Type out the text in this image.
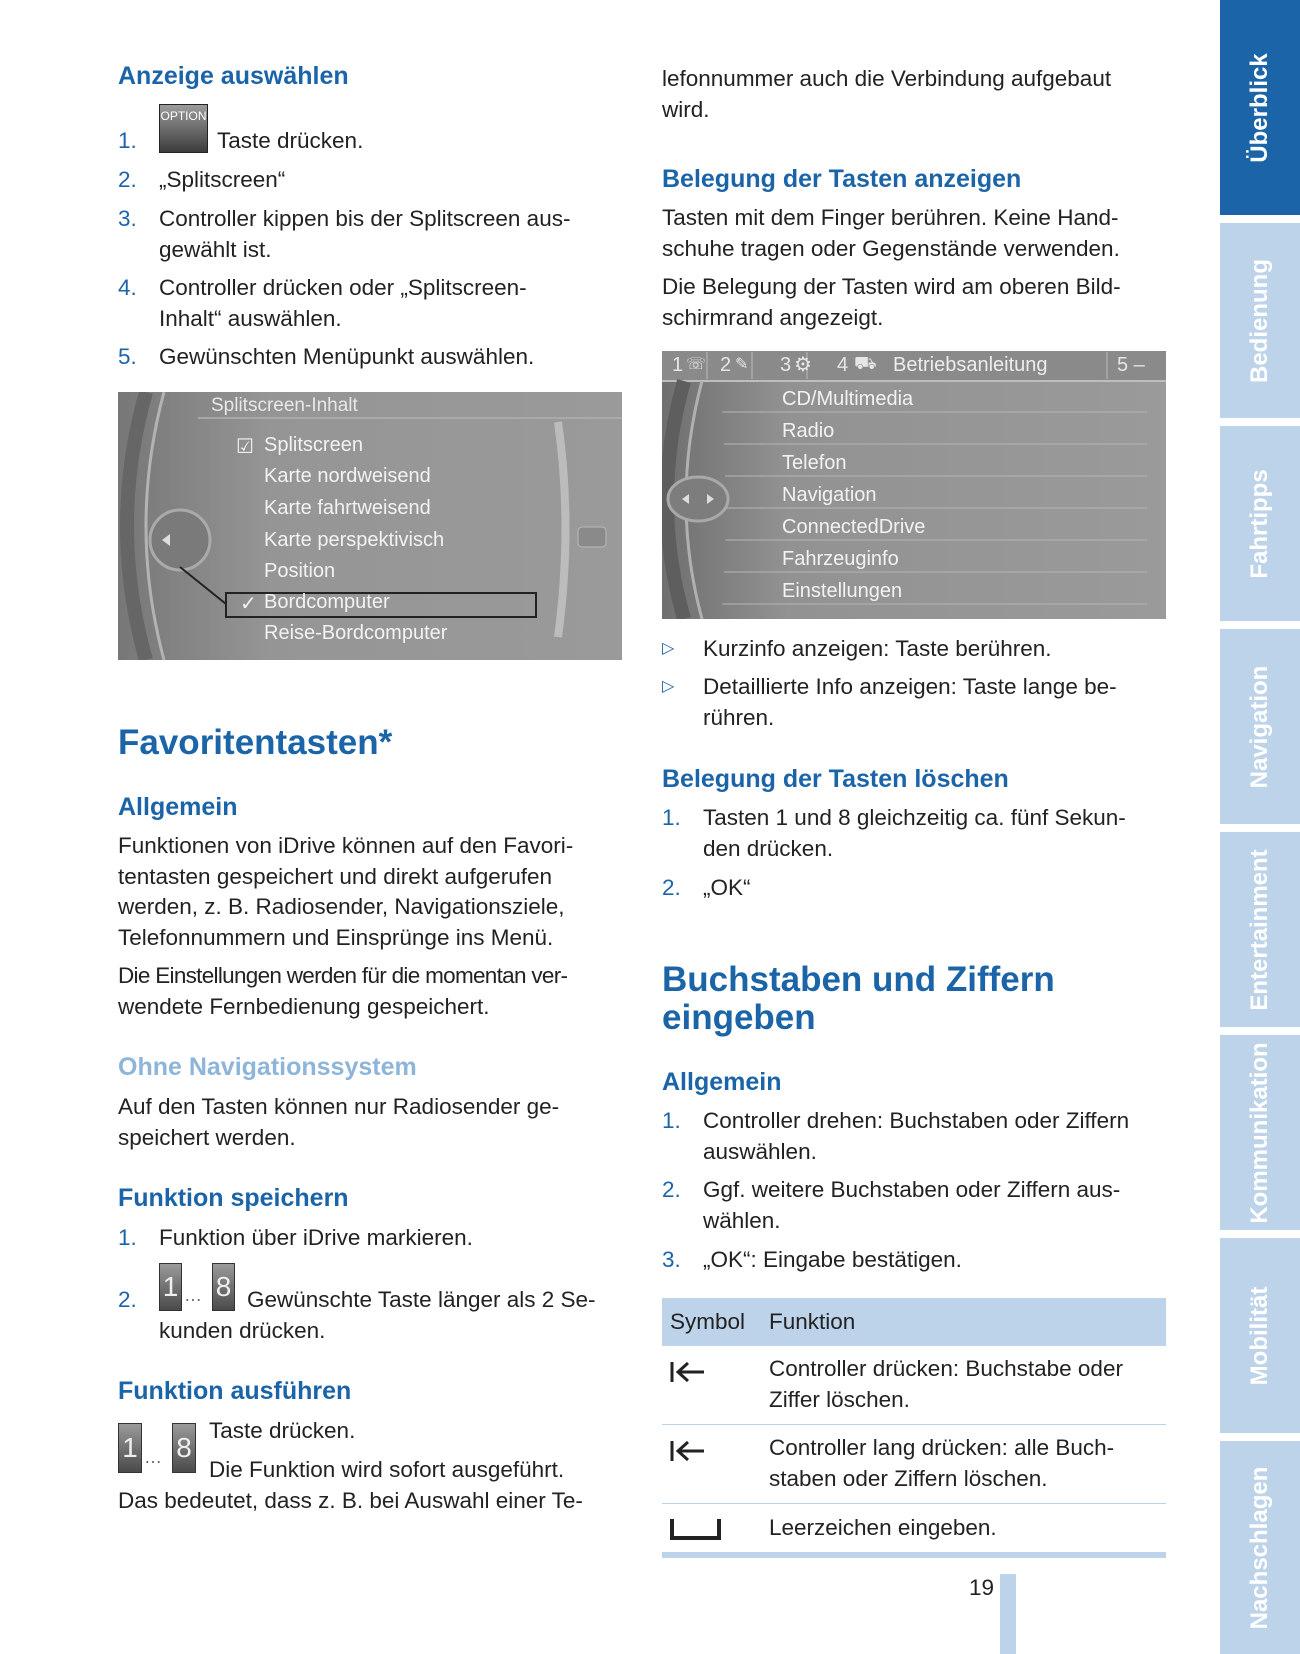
Anzeige auswählen
1.
OPTION
Taste drücken.
2. „Splitscreen“
3. Controller kippen bis der Splitscreen aus-
gewählt ist.
4. Controller drücken oder „Splitscreen-
Inhalt“ auswählen.
5. Gewünschten Menüpunkt auswählen.
Splitscreen-Inhalt
☑ Splitscreen
Karte nordweisend
Karte fahrtweisend
Karte perspektivisch
Position
✓ Bordcomputer
Reise-Bordcomputer
Favoritentasten*
Allgemein
Funktionen von iDrive können auf den Favori-
tentasten gespeichert und direkt aufgerufen
werden, z. B. Radiosender, Navigationsziele,
Telefonnummern und Einsprünge ins Menü.
Die Einstellungen werden für die momentan ver-
wendete Fernbedienung gespeichert.
Ohne Navigationssystem
Auf den Tasten können nur Radiosender ge-
speichert werden.
Funktion speichern
1. Funktion über iDrive markieren.
2. 1 … 8 Gewünschte Taste länger als 2 Se-
kunden drücken.
Funktion ausführen
1 … 8
Taste drücken.
Die Funktion wird sofort ausgeführt.
Das bedeutet, dass z. B. bei Auswahl einer Te-
lefonnummer auch die Verbindung aufgebaut
wird.
Belegung der Tasten anzeigen
Tasten mit dem Finger berühren. Keine Hand-
schuhe tragen oder Gegenstände verwenden.
Die Belegung der Tasten wird am oberen Bild-
schirmrand angezeigt.
1 ☏ 2 ✎ 3 ⚙ 4 ⛟ Betriebsanleitung	5 –
CD/Multimedia
Radio
Telefon
Navigation
ConnectedDrive
Fahrzeuginfo
Einstellungen
▷ Kurzinfo anzeigen: Taste berühren.
▷ Detaillierte Info anzeigen: Taste lange be-
rühren.
Belegung der Tasten löschen
1. Tasten 1 und 8 gleichzeitig ca. fünf Sekun-
den drücken.
2. „OK“
Buchstaben und Ziffern
eingeben
Allgemein
1. Controller drehen: Buchstaben oder Ziffern
auswählen.
2. Ggf. weitere Buchstaben oder Ziffern aus-
wählen.
3. „OK“: Eingabe bestätigen.
Symbol Funktion
Controller drücken: Buchstabe oder
Ziffer löschen.
Controller lang drücken: alle Buch-
staben oder Ziffern löschen.
Leerzeichen eingeben.
19
Überblick
Bedienung
Fahrtipps
Navigation
Entertainment
Kommunikation
Mobilität
Nachschlagen
